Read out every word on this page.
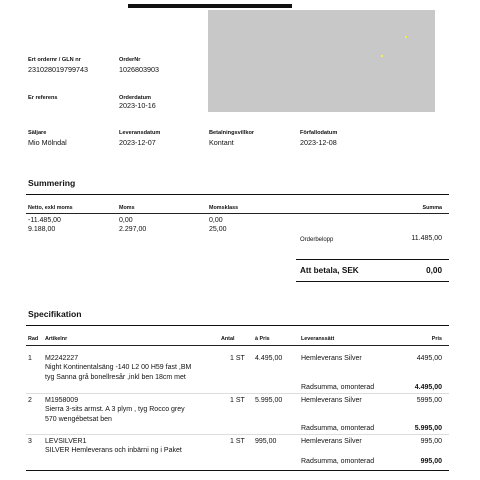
Ert ordernr / GLN nr
231028019799743
OrderNr
1026803903
Er referens	Orderdatum
2023-10-16
Säljare
Mio Mölndal
Leveransdatum
2023-12-07
Betalningsvillkor
Kontant
Förfallodatum
2023-12-08
Summering
Netto, exkl moms	Moms	Momsklass	Summa
-11.485,00	0,00	0,00
9.188,00	2.297,00	25,00
Orderbelopp	11.485,00
Att betala, SEK	0,00
Specifikation
Rad Artikelnr	Antal	à Pris	Leveranssätt	Pris
1 M2242227
Night Kontinentalsäng -140 L2 00 H59 fast ,BM
tyg Sanna grå bonellresår ,inkl ben 18cm met
1 ST 4.495,00	Hemleverans Silver	4495,00
Radsumma, omonterad	4.495,00
2 M1958009
Sierra 3-sits armst. A 3 plym , tyg Rocco grey
570 wengébetsat ben
1 ST 5.995,00	Hemleverans Silver	5995,00
Radsumma, omonterad	5.995,00
3 LEVSILVER1
SILVER Hemleverans och inbärni ng i Paket
1 ST 995,00	Hemleverans Silver	995,00
Radsumma, omonterad	995,00
